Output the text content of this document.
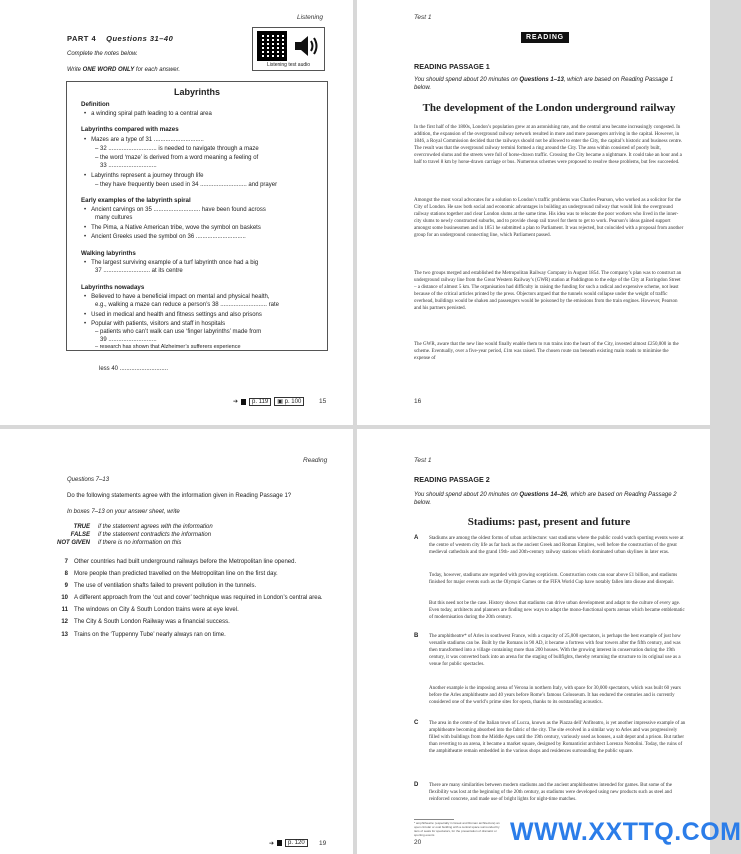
Listening
PART 4 Questions 31–40
Complete the notes below.
Write ONE WORD ONLY for each answer.
Listening test audio
Labyrinths
Definition
•   a winding spiral path leading to a central area
Labyrinths compared with mazes
•   Mazes are a type of 31 ..............................
– 32 ............................. is needed to navigate through a maze
– the word ‘maze’ is derived from a word meaning a feeling of
33 .............................
•   Labyrinths represent a journey through life
– they have frequently been used in 34 ............................ and prayer
Early examples of the labyrinth spiral
•   Ancient carvings on 35 ............................ have been found across
many cultures
•   The Pima, a Native American tribe, wove the symbol on baskets
•   Ancient Greeks used the symbol on 36 ..............................
Walking labyrinths
•   The largest surviving example of a turf labyrinth once had a big
37 ............................ at its centre
Labyrinths nowadays
•   Believed to have a beneficial impact on mental and physical health,
e.g., walking a maze can reduce a person’s 38 ............................ rate
•   Used in medical and health and fitness settings and also prisons
•   Popular with patients, visitors and staff in hospitals
– patients who can’t walk can use ‘finger labyrinths’ made from
39 .............................
– research has shown that Alzheimer’s sufferers experience
less 40 .............................
➔	p. 119	▣ p. 100	15
Test 1
READING
READING PASSAGE 1
You should spend about 20 minutes on Questions 1–13, which are based on Reading Passage 1 below.
The development of the London underground railway
In the first half of the 1800s, London’s population grew at an astonishing rate, and the central area became increasingly congested. In addition, the expansion of the overground railway network resulted in more and more passengers arriving in the capital. However, in 1846, a Royal Commission decided that the railways should not be allowed to enter the City, the capital’s historic and business centre. The result was that the overground railway termini formed a ring around the City. The area within consisted of poorly built, overcrowded slums and the streets were full of horse-drawn traffic. Crossing the City became a nightmare. It could take an hour and a half to travel 8 km by horse-drawn carriage or bus. Numerous schemes were proposed to resolve these problems, but few succeeded.
Amongst the most vocal advocates for a solution to London’s traffic problems was Charles Pearson, who worked as a solicitor for the City of London. He saw both social and economic advantages in building an underground railway that would link the overground railway stations together and clear London slums at the same time. His idea was to relocate the poor workers who lived in the inner-city slums to newly constructed suburbs, and to provide cheap rail travel for them to get to work. Pearson’s ideas gained support amongst some businessmen and in 1851 he submitted a plan to Parliament. It was rejected, but coincided with a proposal from another group for an underground connecting line, which Parliament passed.
The two groups merged and established the Metropolitan Railway Company in August 1854. The company’s plan was to construct an underground railway line from the Great Western Railway’s (GWR) station at Paddington to the edge of the City at Farringdon Street – a distance of almost 5 km. The organisation had difficulty in raising the funding for such a radical and expensive scheme, not least because of the critical articles printed by the press. Objectors argued that the tunnels would collapse under the weight of traffic overhead, buildings would be shaken and passengers would be poisoned by the emissions from the train engines. However, Pearson and his partners persisted.
The GWR, aware that the new line would finally enable them to run trains into the heart of the City, invested almost £250,000 in the scheme. Eventually, over a five-year period, £1m was raised. The chosen route ran beneath existing main roads to minimise the expense of
16
Reading
Questions 7–13
Do the following statements agree with the information given in Reading Passage 1?
In boxes 7–13 on your answer sheet, write
TRUE	if the statement agrees with the information
FALSE	if the statement contradicts the information
NOT GIVEN	if there is no information on this
7	Other countries had built underground railways before the Metropolitan line opened.
8	More people than predicted travelled on the Metropolitan line on the first day.
9	The use of ventilation shafts failed to prevent pollution in the tunnels.
10	A different approach from the ‘cut and cover’ technique was required in London’s central area.
11	The windows on City & South London trains were at eye level.
12	The City & South London Railway was a financial success.
13	Trains on the ‘Tuppenny Tube’ nearly always ran on time.
➔	p. 120	19
Test 1
READING PASSAGE 2
You should spend about 20 minutes on Questions 14–26, which are based on Reading Passage 2 below.
Stadiums: past, present and future
A Stadiums are among the oldest forms of urban architecture: vast stadiums where the public could watch sporting events were at the centre of western city life as far back as the ancient Greek and Roman Empires, well before the construction of the great medieval cathedrals and the grand 19th- and 20th-century railway stations which dominated urban skylines in later eras.
Today, however, stadiums are regarded with growing scepticism. Construction costs can soar above £1 billion, and stadiums finished for major events such as the Olympic Games or the FIFA World Cup have notably fallen into disuse and disrepair.
But this need not be the case. History shows that stadiums can drive urban development and adapt to the culture of every age. Even today, architects and planners are finding new ways to adapt the mono-functional sports arenas which became emblematic of modernisation during the 20th century.
B The amphitheatre* of Arles in southwest France, with a capacity of 25,000 spectators, is perhaps the best example of just how versatile stadiums can be. Built by the Romans in 90 AD, it became a fortress with four towers after the fifth century, and was then transformed into a village containing more than 200 houses. With the growing interest in conservation during the 19th century, it was converted back into an arena for the staging of bullfights, thereby returning the structure to its original use as a venue for public spectacles.
Another example is the imposing arena of Verona in northern Italy, with space for 30,000 spectators, which was built 60 years before the Arles amphitheatre and 40 years before Rome’s famous Colosseum. It has endured the centuries and is currently considered one of the world’s prime sites for opera, thanks to its outstanding acoustics.
C The area in the centre of the Italian town of Lucca, known as the Piazza dell’Anfiteatro, is yet another impressive example of an amphitheatre becoming absorbed into the fabric of the city. The site evolved in a similar way to Arles and was progressively filled with buildings from the Middle Ages until the 19th century, variously used as houses, a salt depot and a prison. But rather than reverting to an arena, it became a market square, designed by Romanticist architect Lorenzo Nottolini. Today, the ruins of the amphitheatre remain embedded in the various shops and residences surrounding the public square.
D There are many similarities between modern stadiums and the ancient amphitheatres intended for games. But some of the flexibility was lost at the beginning of the 20th century, as stadiums were developed using new products such as steel and reinforced concrete, and made use of bright lights for night-time matches.
* amphitheatre: (especially in Greek and Roman architecture) an open circular or oval building with a central space surrounded by tiers of seats for spectators, for the presentation of dramatic or sporting events
20	WWW.XXTTQ.COM
